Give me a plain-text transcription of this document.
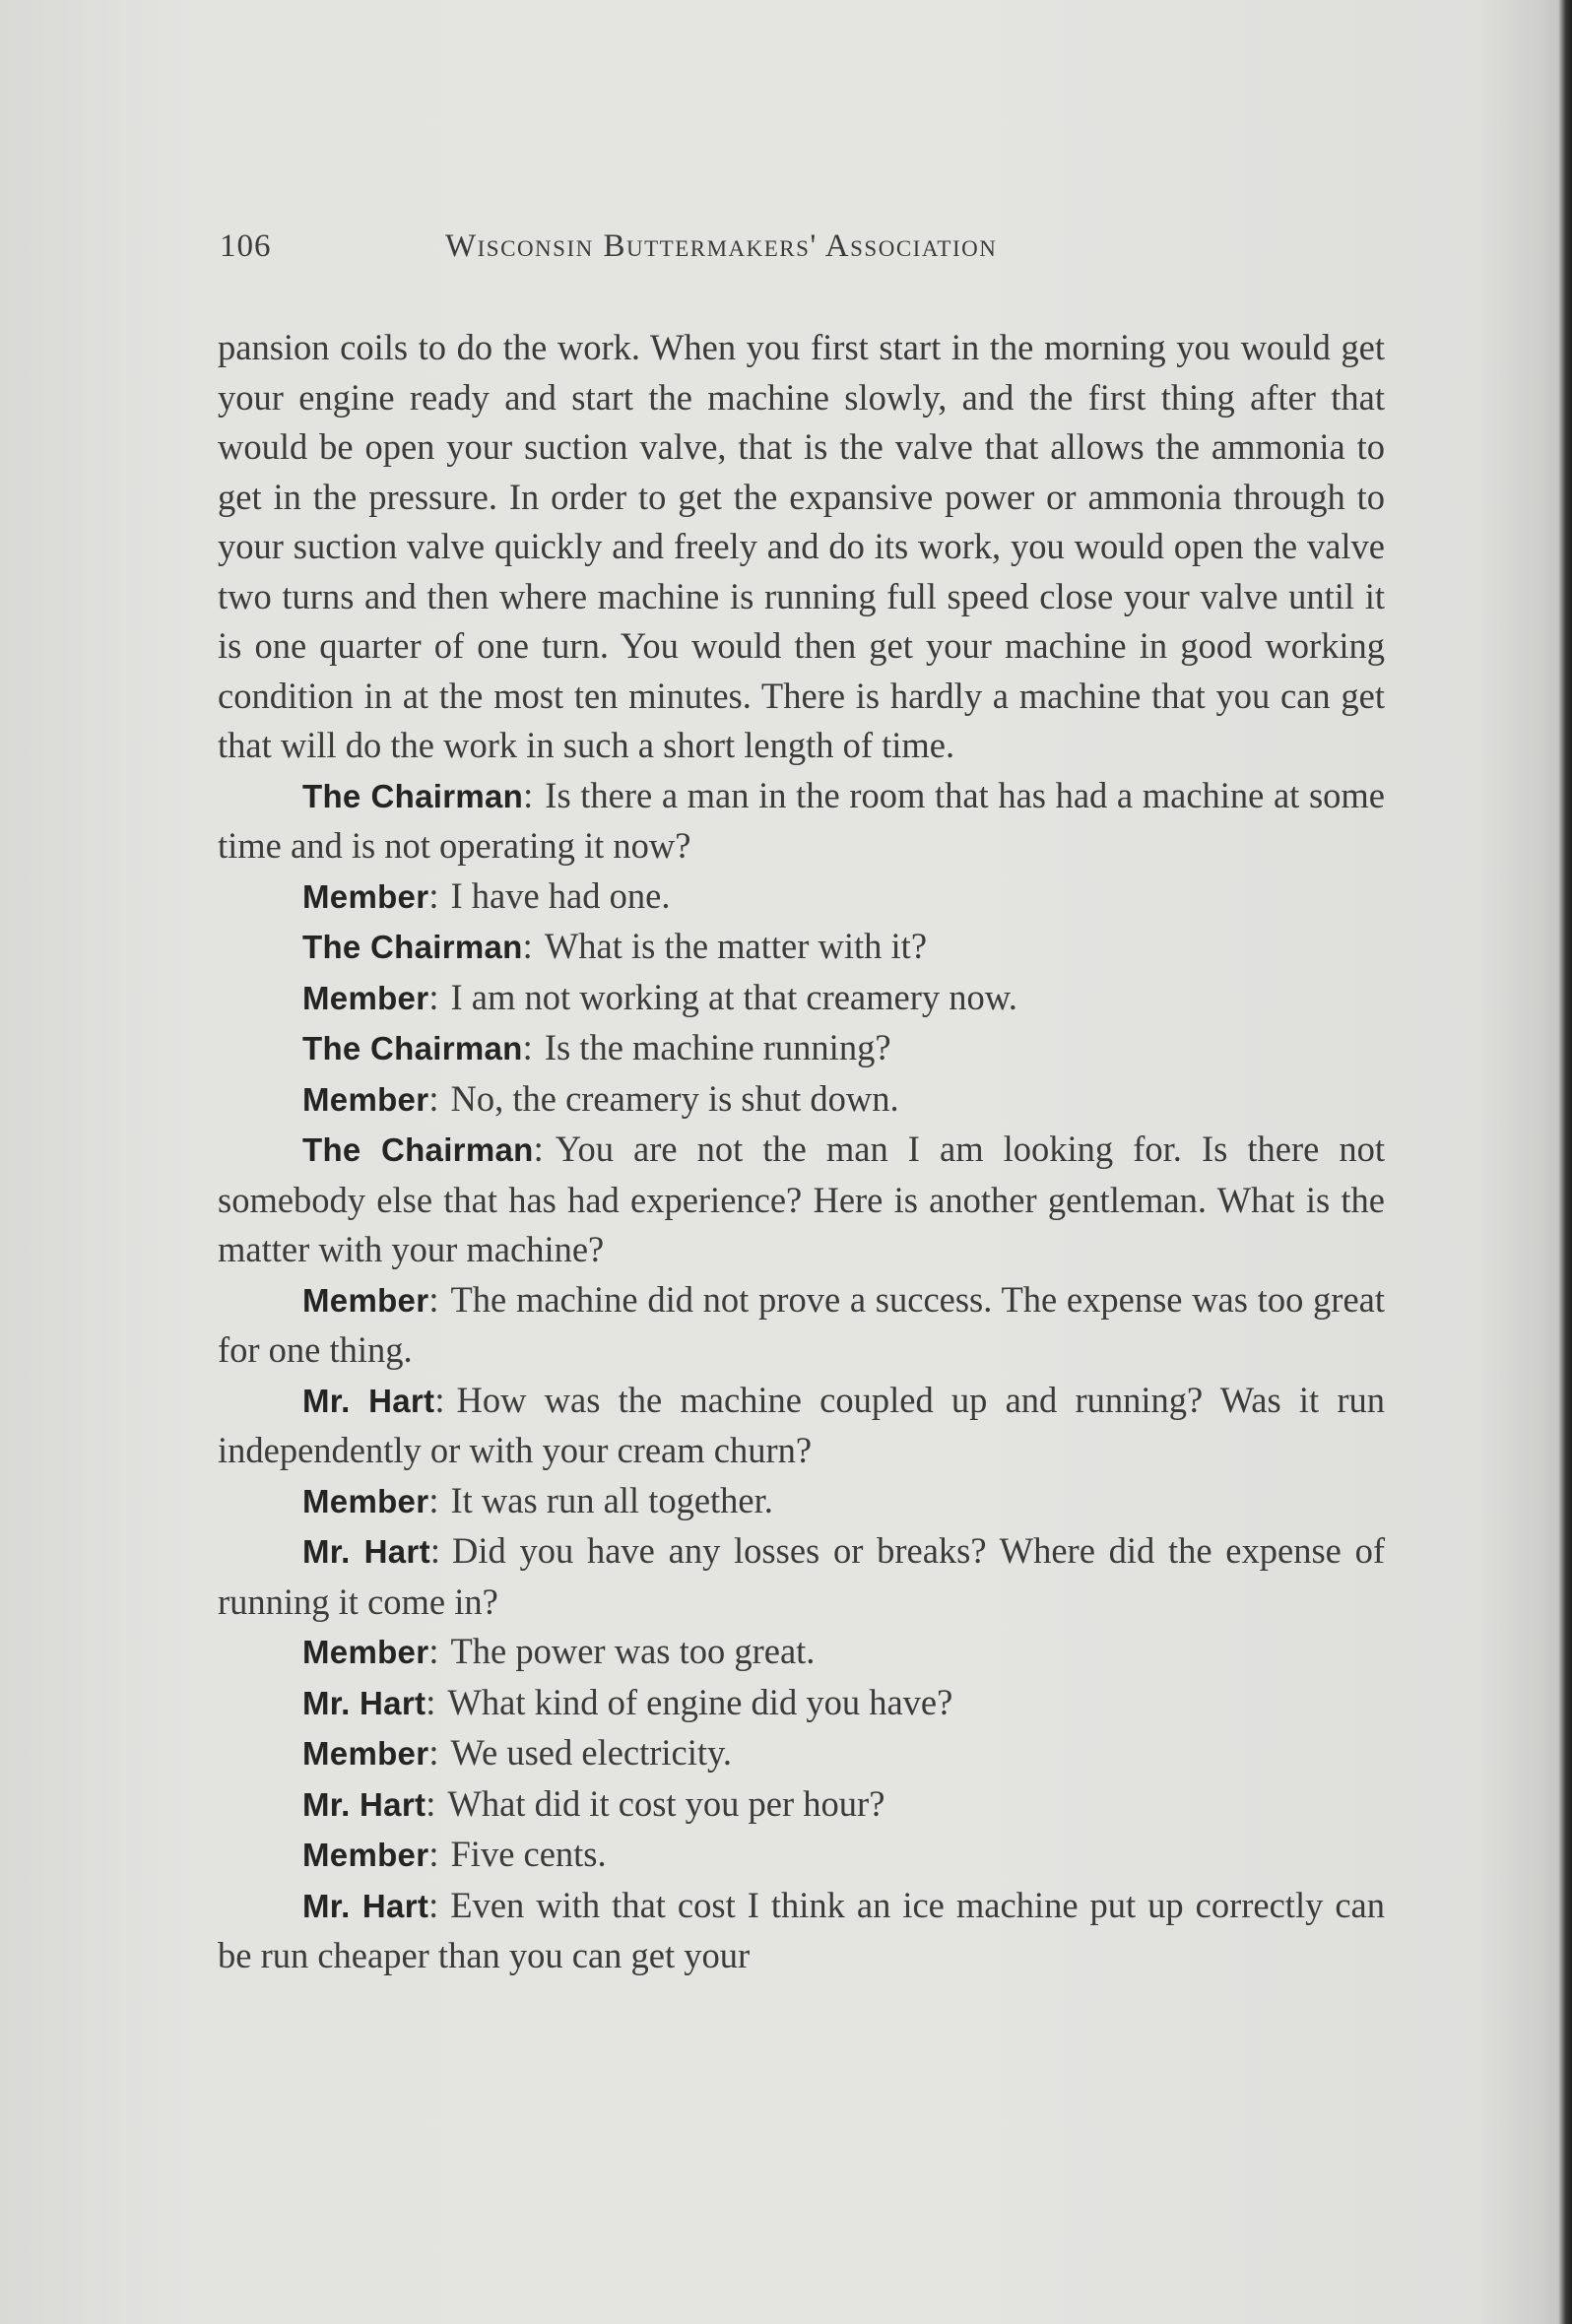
106	Wisconsin Buttermakers' Association

pansion coils to do the work. When you first start in the morning you would get your engine ready and start the machine slowly, and the first thing after that would be open your suction valve, that is the valve that allows the ammonia to get in the pressure. In order to get the expansive power or ammonia through to your suction valve quickly and freely and do its work, you would open the valve two turns and then where machine is running full speed close your valve until it is one quarter of one turn. You would then get your machine in good working condition in at the most ten minutes. There is hardly a machine that you can get that will do the work in such a short length of time.

The Chairman: Is there a man in the room that has had a machine at some time and is not operating it now?

Member: I have had one.

The Chairman: What is the matter with it?

Member: I am not working at that creamery now.

The Chairman: Is the machine running?

Member: No, the creamery is shut down.

The Chairman: You are not the man I am looking for. Is there not somebody else that has had experience? Here is another gentleman. What is the matter with your machine?

Member: The machine did not prove a success. The expense was too great for one thing.

Mr. Hart: How was the machine coupled up and running? Was it run independently or with your cream churn?

Member: It was run all together.

Mr. Hart: Did you have any losses or breaks? Where did the expense of running it come in?

Member: The power was too great.

Mr. Hart: What kind of engine did you have?

Member: We used electricity.

Mr. Hart: What did it cost you per hour?

Member: Five cents.

Mr. Hart: Even with that cost I think an ice machine put up correctly can be run cheaper than you can get your
